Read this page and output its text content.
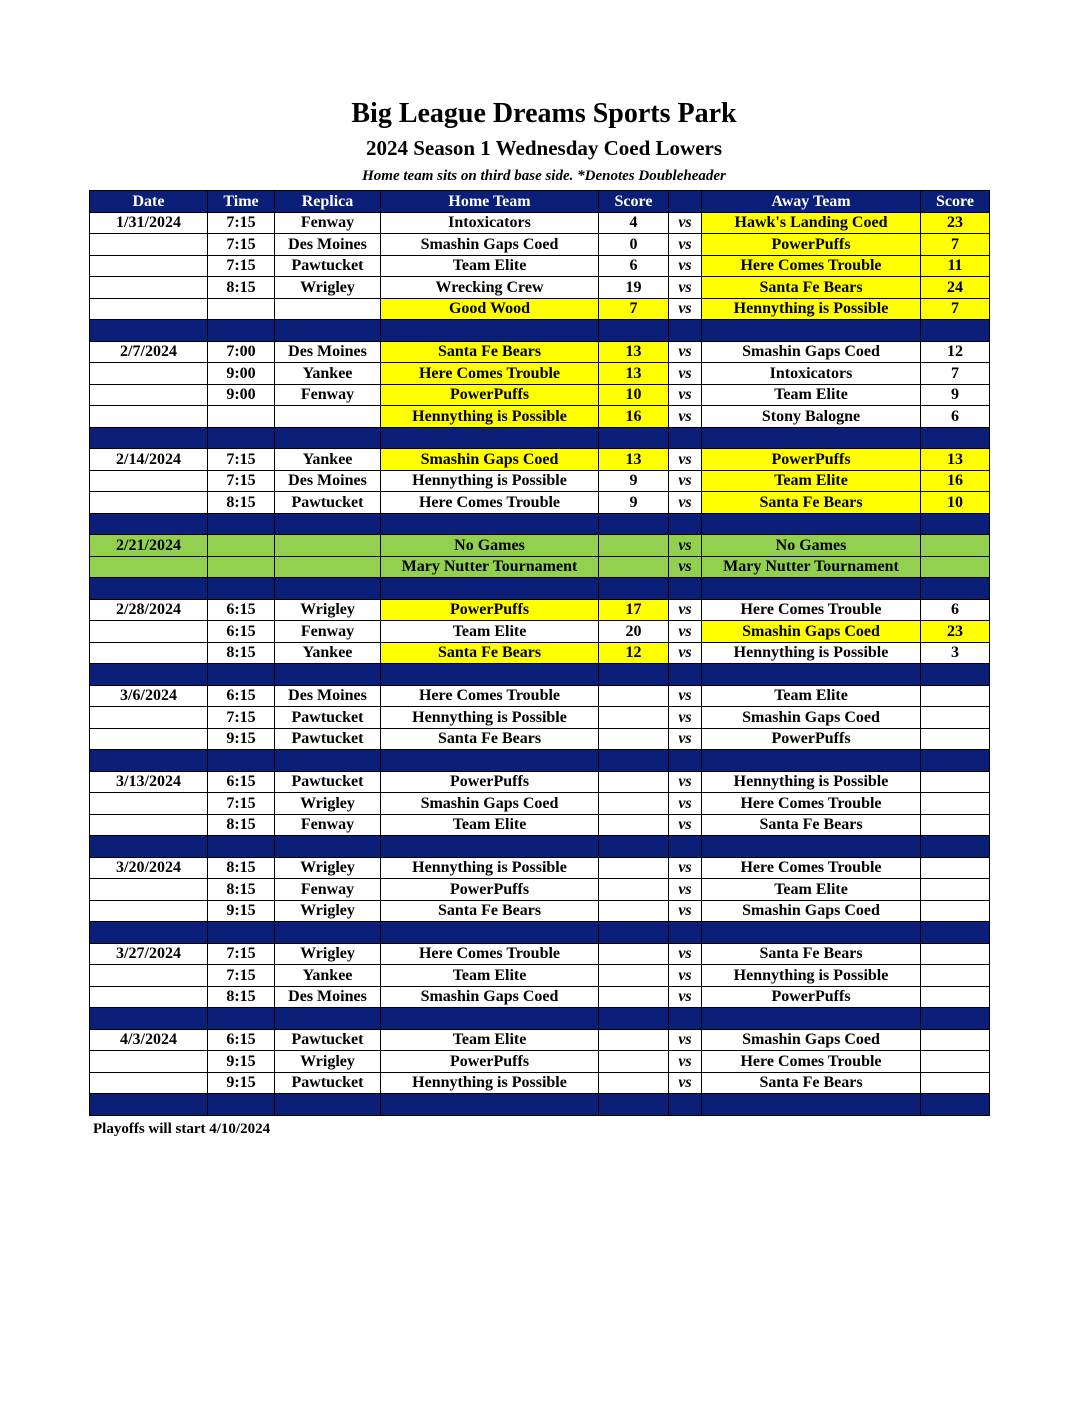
Big League Dreams Sports Park
2024 Season 1 Wednesday Coed Lowers
Home team sits on third base side. *Denotes Doubleheader
Date	Time	Replica	Home Team	Score		Away Team	Score
1/31/2024	7:15	Fenway	Intoxicators	4	vs	Hawk's Landing Coed	23
	7:15	Des Moines	Smashin Gaps Coed	0	vs	PowerPuffs	7
	7:15	Pawtucket	Team Elite	6	vs	Here Comes Trouble	11
	8:15	Wrigley	Wrecking Crew	19	vs	Santa Fe Bears	24
			Good Wood	7	vs	Hennything is Possible	7

2/7/2024	7:00	Des Moines	Santa Fe Bears	13	vs	Smashin Gaps Coed	12
	9:00	Yankee	Here Comes Trouble	13	vs	Intoxicators	7
	9:00	Fenway	PowerPuffs	10	vs	Team Elite	9
			Hennything is Possible	16	vs	Stony Balogne	6

2/14/2024	7:15	Yankee	Smashin Gaps Coed	13	vs	PowerPuffs	13
	7:15	Des Moines	Hennything is Possible	9	vs	Team Elite	16
	8:15	Pawtucket	Here Comes Trouble	9	vs	Santa Fe Bears	10

2/21/2024			No Games		vs	No Games	
			Mary Nutter Tournament		vs	Mary Nutter Tournament	

2/28/2024	6:15	Wrigley	PowerPuffs	17	vs	Here Comes Trouble	6
	6:15	Fenway	Team Elite	20	vs	Smashin Gaps Coed	23
	8:15	Yankee	Santa Fe Bears	12	vs	Hennything is Possible	3

3/6/2024	6:15	Des Moines	Here Comes Trouble		vs	Team Elite	
	7:15	Pawtucket	Hennything is Possible		vs	Smashin Gaps Coed	
	9:15	Pawtucket	Santa Fe Bears		vs	PowerPuffs	

3/13/2024	6:15	Pawtucket	PowerPuffs		vs	Hennything is Possible	
	7:15	Wrigley	Smashin Gaps Coed		vs	Here Comes Trouble	
	8:15	Fenway	Team Elite		vs	Santa Fe Bears	

3/20/2024	8:15	Wrigley	Hennything is Possible		vs	Here Comes Trouble	
	8:15	Fenway	PowerPuffs		vs	Team Elite	
	9:15	Wrigley	Santa Fe Bears		vs	Smashin Gaps Coed	

3/27/2024	7:15	Wrigley	Here Comes Trouble		vs	Santa Fe Bears	
	7:15	Yankee	Team Elite		vs	Hennything is Possible	
	8:15	Des Moines	Smashin Gaps Coed		vs	PowerPuffs	

4/3/2024	6:15	Pawtucket	Team Elite		vs	Smashin Gaps Coed	
	9:15	Wrigley	PowerPuffs		vs	Here Comes Trouble	
	9:15	Pawtucket	Hennything is Possible		vs	Santa Fe Bears	

Playoffs will start 4/10/2024
